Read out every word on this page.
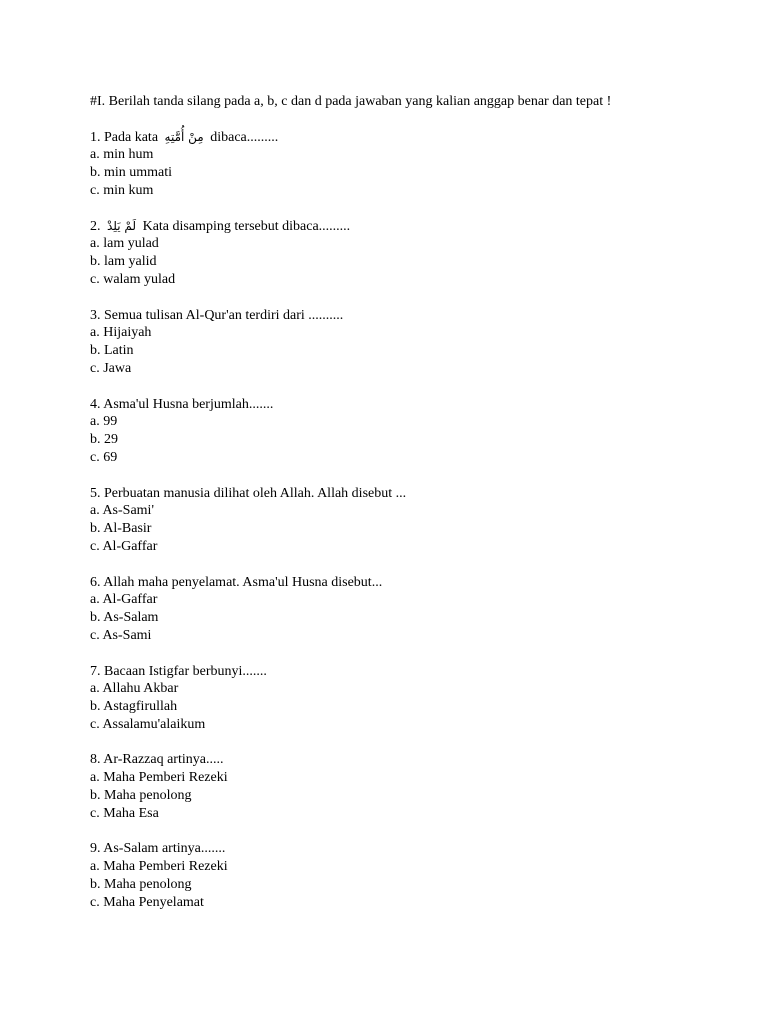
#I. Berilah tanda silang pada a, b, c dan d pada jawaban yang kalian anggap benar dan tepat !
1. Pada kata مِنْ أُمَّتِهِ dibaca.........
a. min hum
b. min ummati
c. min kum
2. لَمْ يَلِدْ Kata disamping tersebut dibaca.........
a. lam yulad
b. lam yalid
c. walam yulad
3. Semua tulisan Al-Qur'an terdiri dari ..........
a. Hijaiyah
b. Latin
c. Jawa
4. Asma'ul Husna berjumlah.......
a. 99
b. 29
c. 69
5. Perbuatan manusia dilihat oleh Allah. Allah disebut ...
a. As-Sami'
b. Al-Basir
c. Al-Gaffar
6. Allah maha penyelamat. Asma'ul Husna disebut...
a. Al-Gaffar
b. As-Salam
c. As-Sami
7. Bacaan Istigfar berbunyi.......
a. Allahu Akbar
b. Astagfirullah
c. Assalamu'alaikum
8. Ar-Razzaq artinya.....
a. Maha Pemberi Rezeki
b. Maha penolong
c. Maha Esa
9. As-Salam artinya.......
a. Maha Pemberi Rezeki
b. Maha penolong
c. Maha Penyelamat
